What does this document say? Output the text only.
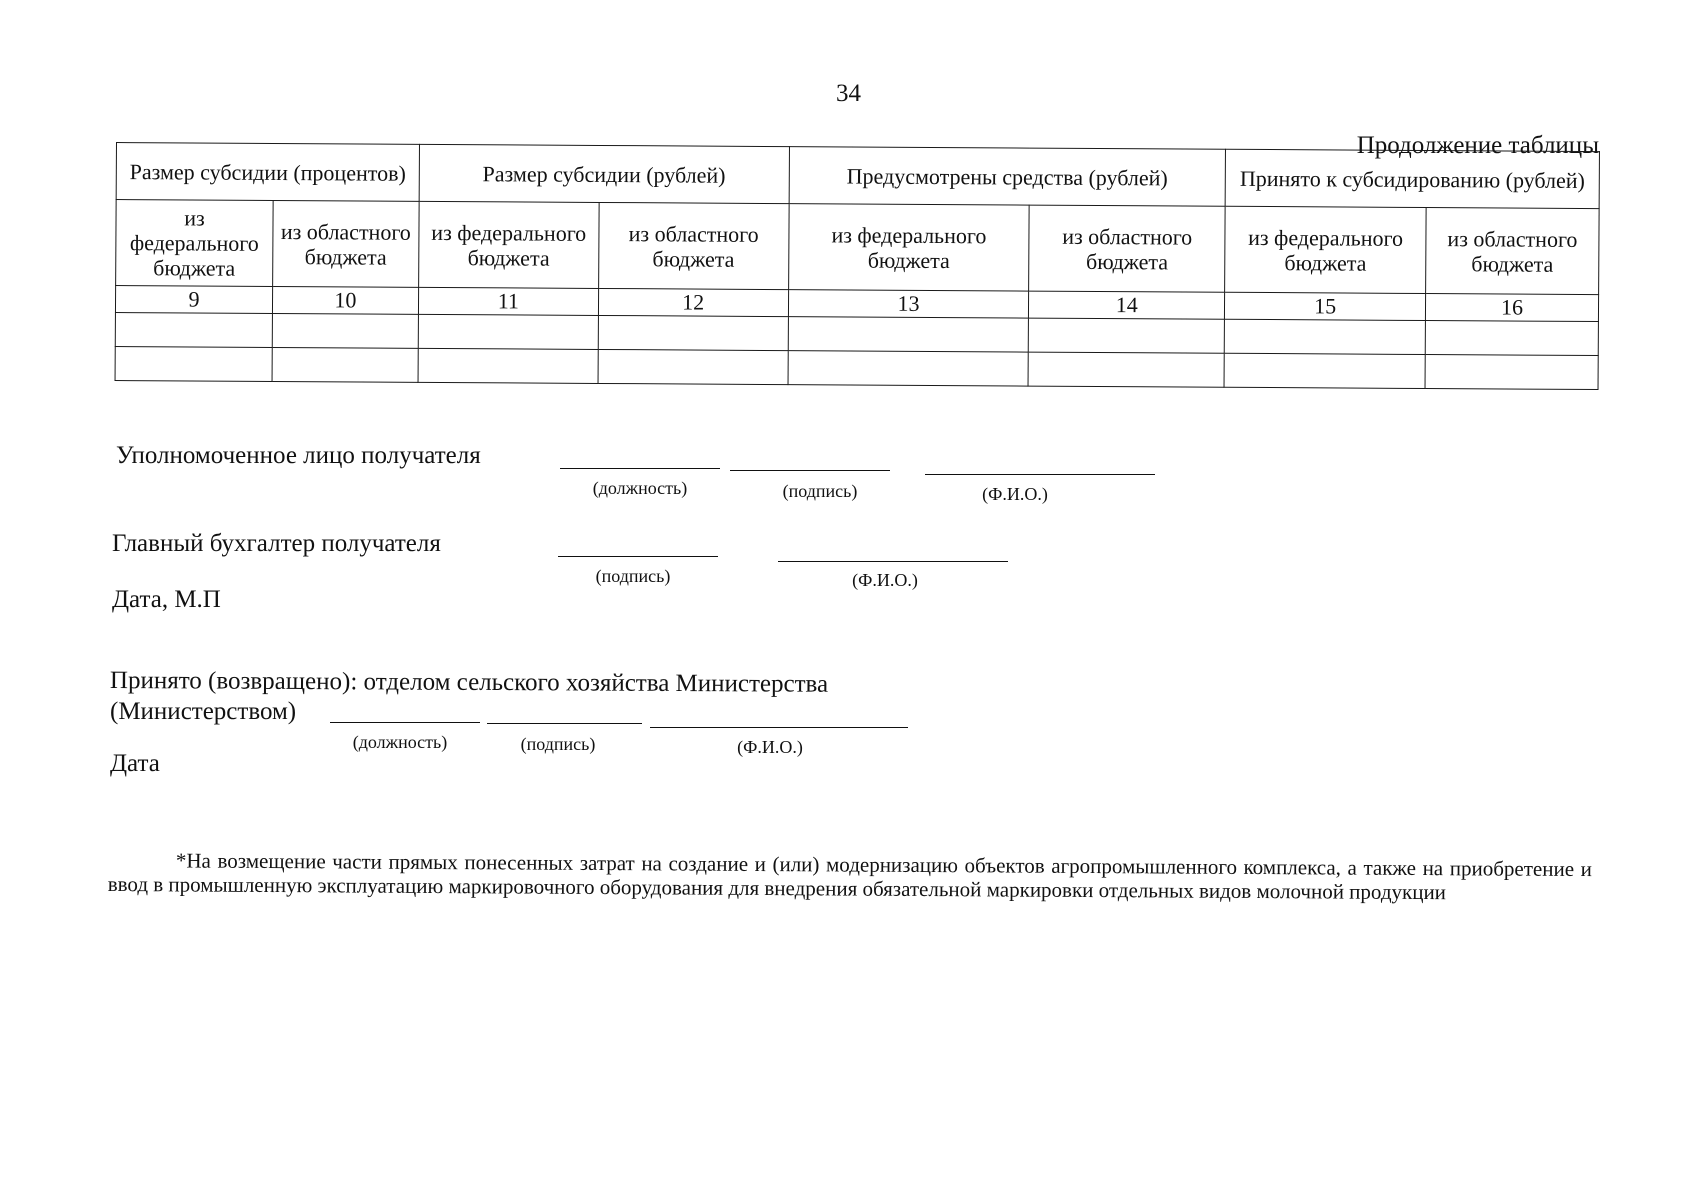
34
Продолжение таблицы
Размер субсидии (процентов)		Размер субсидии (рублей)		Предусмотрены средства (рублей)		Принято к субсидированию (рублей)	
из федерального бюджета	из областного бюджета	из федерального бюджета	из областного бюджета	из федерального бюджета	из областного бюджета	из федерального бюджета	из областного бюджета
9	10	11	12	13	14	15	16

Уполномоченное лицо получателя
(должность)	(подпись)	(Ф.И.О.)
Главный бухгалтер получателя
(подпись)	(Ф.И.О.)
Дата, М.П
Принято (возвращено): отделом сельского хозяйства Министерства
(Министерством)
(должность)	(подпись)	(Ф.И.О.)
Дата

*На возмещение части прямых понесенных затрат на создание и (или) модернизацию объектов агропромышленного комплекса, а также на приобретение и ввод в промышленную эксплуатацию маркировочного оборудования для внедрения обязательной маркировки отдельных видов молочной продукции
